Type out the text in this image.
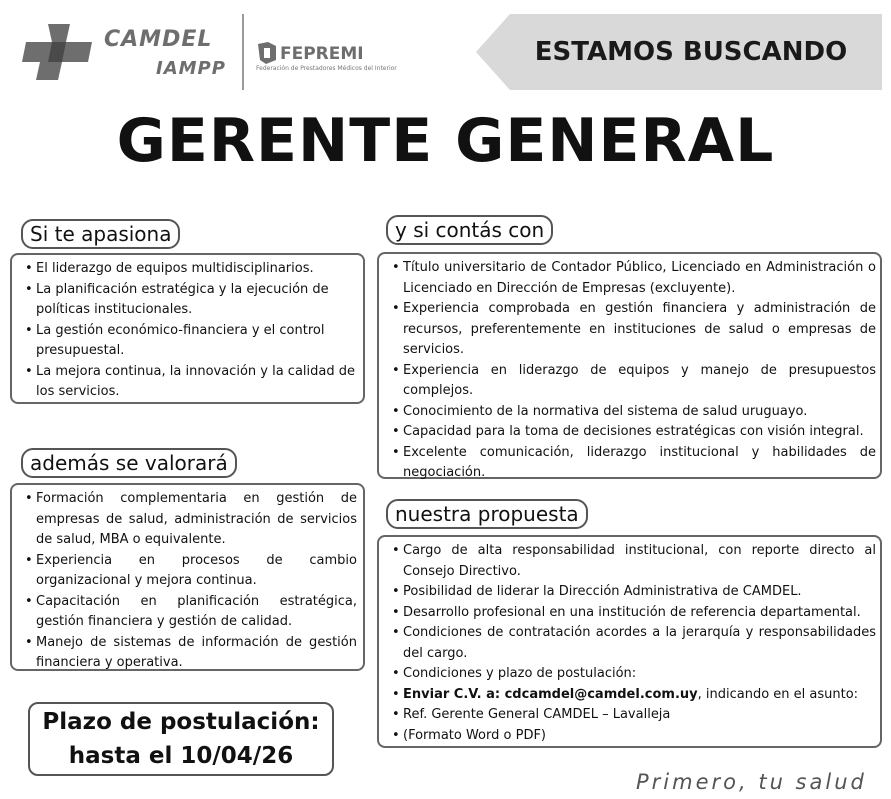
CAMDEL
IAMPP
FEPREMI
Federación de Prestadores Médicos del Interior
ESTAMOS BUSCANDO
GERENTE GENERAL
• El liderazgo de equipos multidisciplinarios.
• La planificación estratégica y la ejecución de políticas institucionales.
• La gestión económico-financiera y el control presupuestal.
• La mejora continua, la innovación y la calidad de los servicios.
Si te apasiona
• Formación complementaria en gestión de empresas de salud, administración de servicios de salud, MBA o equivalente.
• Experiencia en procesos de cambio organizacional y mejora continua.
• Capacitación en planificación estratégica, gestión financiera y gestión de calidad.
• Manejo de sistemas de información de gestión financiera y operativa.
además se valorará
• Título universitario de Contador Público, Licenciado en Administración o Licenciado en Dirección de Empresas (excluyente).
• Experiencia comprobada en gestión financiera y administración de recursos, preferentemente en instituciones de salud o empresas de servicios.
• Experiencia en liderazgo de equipos y manejo de presupuestos complejos.
• Conocimiento de la normativa del sistema de salud uruguayo.
• Capacidad para la toma de decisiones estratégicas con visión integral.
• Excelente comunicación, liderazgo institucional y habilidades de negociación.
y si contás con
• Cargo de alta responsabilidad institucional, con reporte directo al Consejo Directivo.
• Posibilidad de liderar la Dirección Administrativa de CAMDEL.
• Desarrollo profesional en una institución de referencia departamental.
• Condiciones de contratación acordes a la jerarquía y responsabilidades del cargo.
• Condiciones y plazo de postulación:
• Enviar C.V. a: cdcamdel@camdel.com.uy, indicando en el asunto:
• Ref. Gerente General CAMDEL – Lavalleja
• (Formato Word o PDF)
nuestra propuesta
Plazo de postulación:
hasta el 10/04/26
Primero, tu salud
